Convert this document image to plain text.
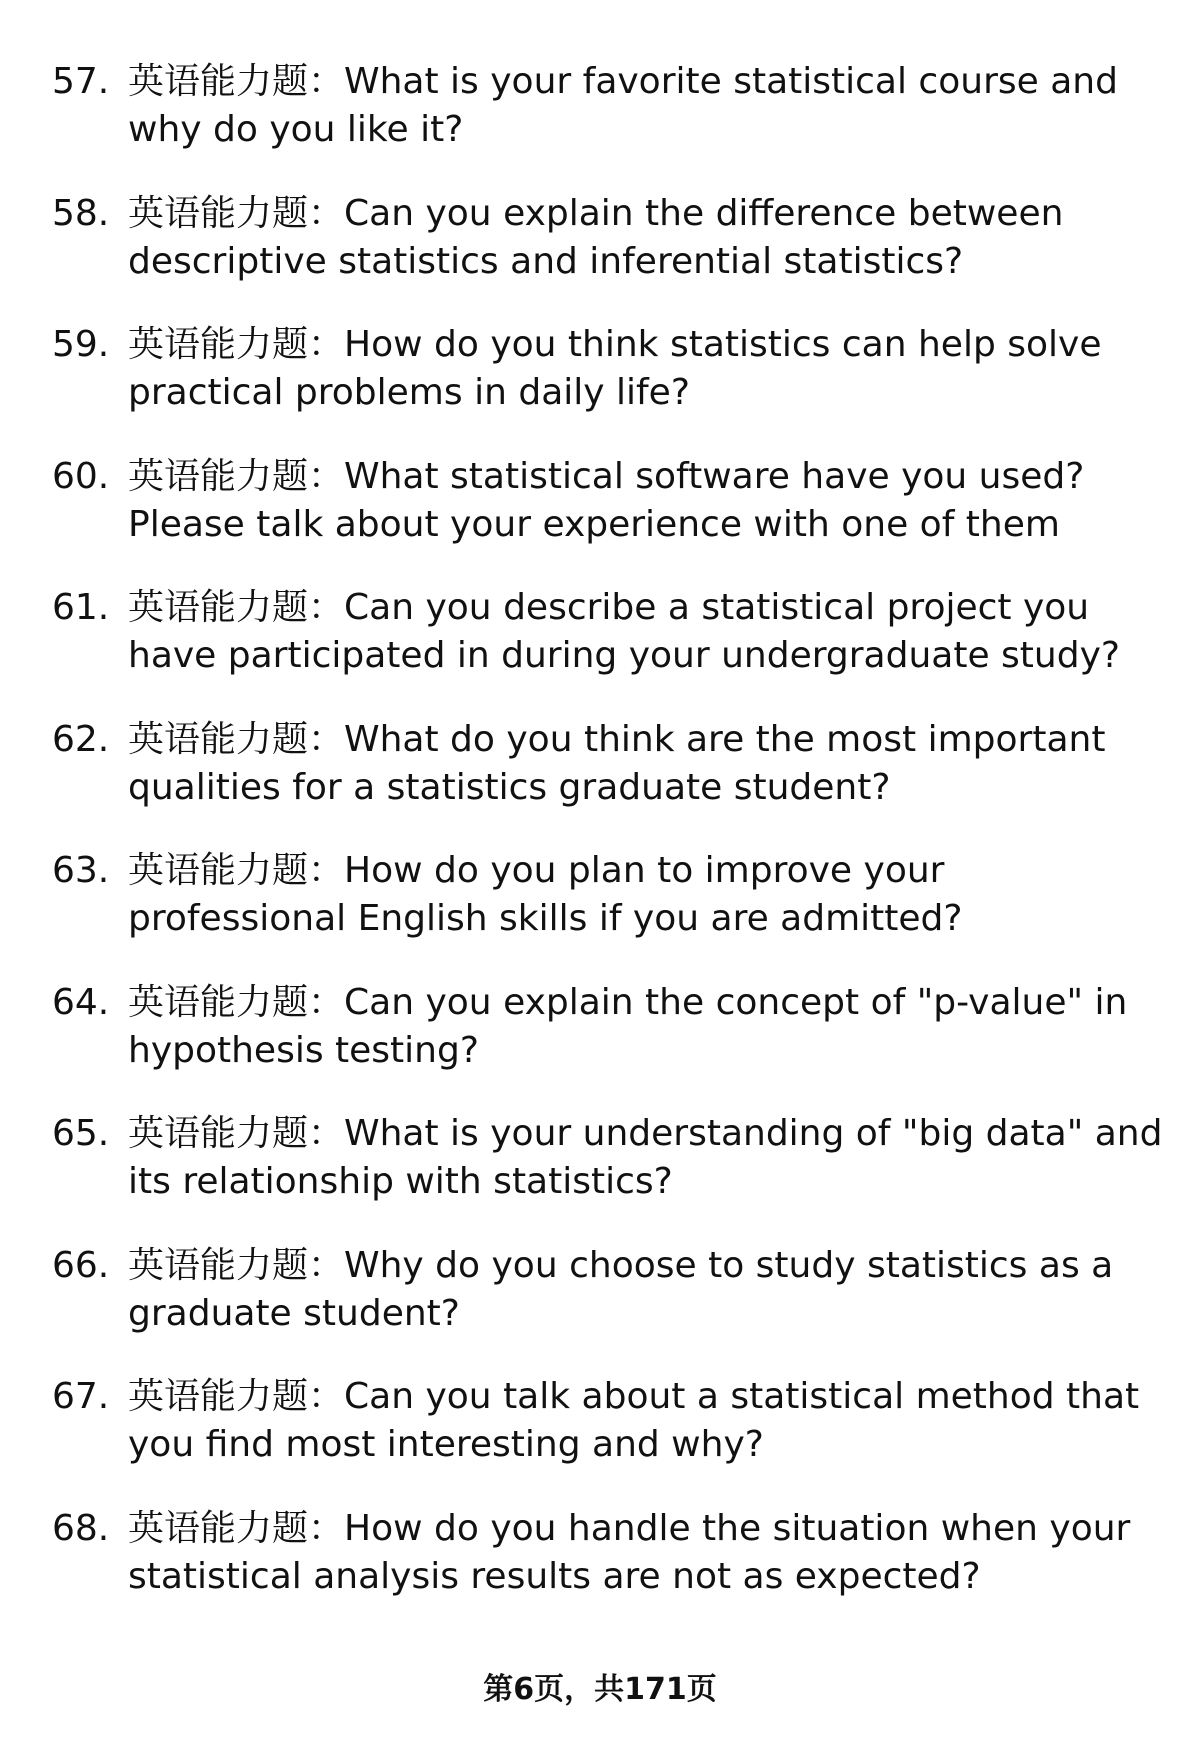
57. 英语能力题：What is your favorite statistical course and why do you like it?
58. 英语能力题：Can you explain the difference between descriptive statistics and inferential statistics?
59. 英语能力题：How do you think statistics can help solve practical problems in daily life?
60. 英语能力题：What statistical software have you used? Please talk about your experience with one of them
61. 英语能力题：Can you describe a statistical project you have participated in during your undergraduate study?
62. 英语能力题：What do you think are the most important qualities for a statistics graduate student?
63. 英语能力题：How do you plan to improve your professional English skills if you are admitted?
64. 英语能力题：Can you explain the concept of "p-value" in hypothesis testing?
65. 英语能力题：What is your understanding of "big data" and its relationship with statistics?
66. 英语能力题：Why do you choose to study statistics as a graduate student?
67. 英语能力题：Can you talk about a statistical method that you find most interesting and why?
68. 英语能力题：How do you handle the situation when your statistical analysis results are not as expected?
第6页，共171页
